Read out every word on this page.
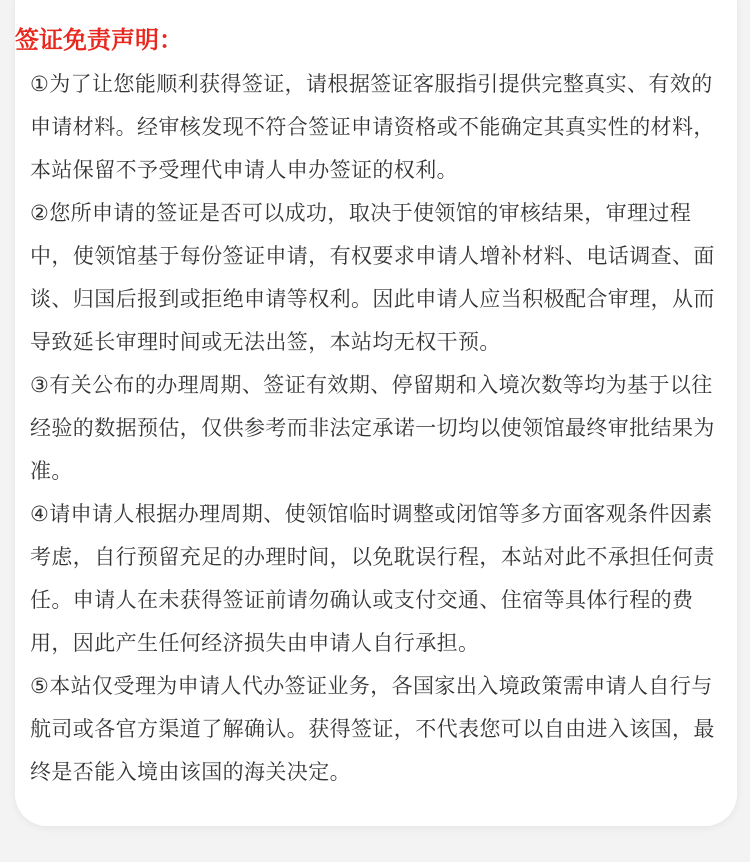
签证免责声明：

①为了让您能顺利获得签证，请根据签证客服指引提供完整真实、有效的申请材料。经审核发现不符合签证申请资格或不能确定其真实性的材料，本站保留不予受理代申请人申办签证的权利。

②您所申请的签证是否可以成功，取决于使领馆的审核结果，审理过程中，使领馆基于每份签证申请，有权要求申请人增补材料、电话调查、面谈、归国后报到或拒绝申请等权利。因此申请人应当积极配合审理，从而导致延长审理时间或无法出签，本站均无权干预。

③有关公布的办理周期、签证有效期、停留期和入境次数等均为基于以往经验的数据预估，仅供参考而非法定承诺一切均以使领馆最终审批结果为准。

④请申请人根据办理周期、使领馆临时调整或闭馆等多方面客观条件因素考虑，自行预留充足的办理时间，以免耽误行程，本站对此不承担任何责任。申请人在未获得签证前请勿确认或支付交通、住宿等具体行程的费用，因此产生任何经济损失由申请人自行承担。

⑤本站仅受理为申请人代办签证业务，各国家出入境政策需申请人自行与航司或各官方渠道了解确认。获得签证，不代表您可以自由进入该国，最终是否能入境由该国的海关决定。
